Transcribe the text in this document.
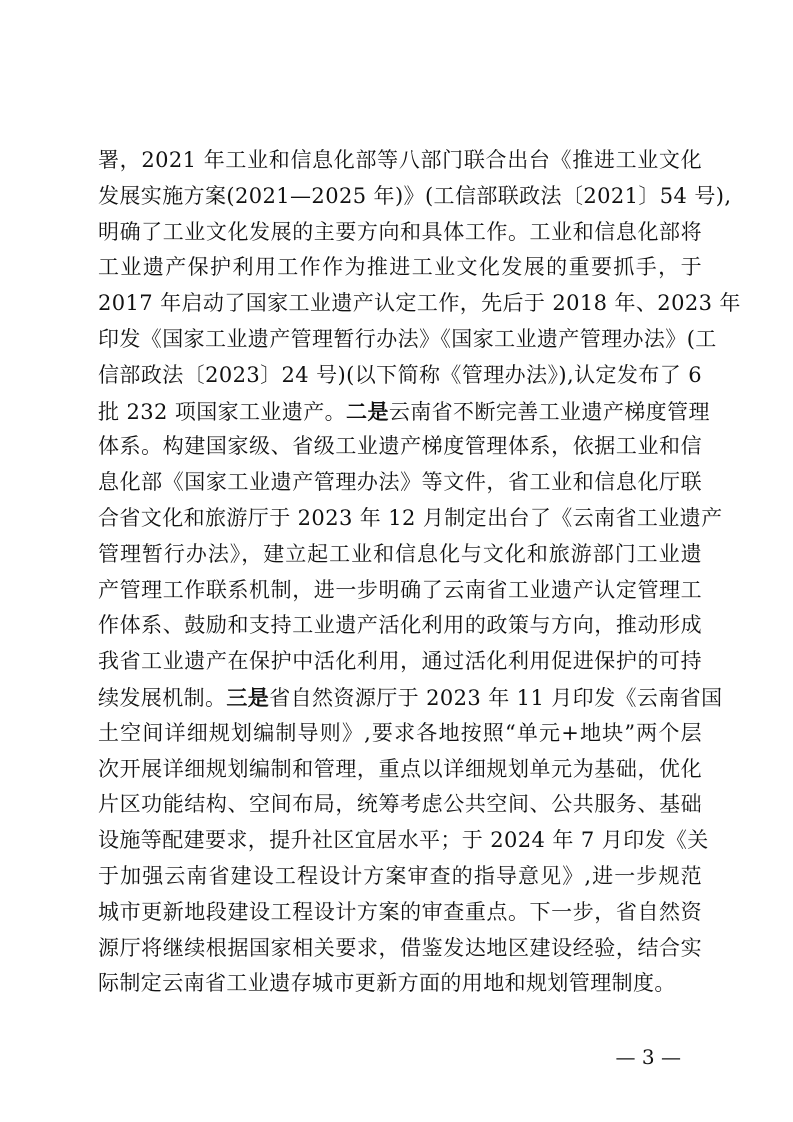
署，2021 年工业和信息化部等八部门联合出台《推进工业文化
发展实施方案(2021—2025 年)》(工信部联政法〔2021〕54 号),
明确了工业文化发展的主要方向和具体工作。工业和信息化部将
工业遗产保护利用工作作为推进工业文化发展的重要抓手，于
2017 年启动了国家工业遗产认定工作，先后于 2018 年、2023 年
印发《国家工业遗产管理暂行办法》《国家工业遗产管理办法》(工
信部政法〔2023〕24 号)(以下简称《管理办法》),认定发布了 6
批 232 项国家工业遗产。二是云南省不断完善工业遗产梯度管理
体系。构建国家级、省级工业遗产梯度管理体系，依据工业和信
息化部《国家工业遗产管理办法》等文件，省工业和信息化厅联
合省文化和旅游厅于 2023 年 12 月制定出台了《云南省工业遗产
管理暂行办法》，建立起工业和信息化与文化和旅游部门工业遗
产管理工作联系机制，进一步明确了云南省工业遗产认定管理工
作体系、鼓励和支持工业遗产活化利用的政策与方向，推动形成
我省工业遗产在保护中活化利用，通过活化利用促进保护的可持
续发展机制。三是省自然资源厅于 2023 年 11 月印发《云南省国
土空间详细规划编制导则》,要求各地按照“单元+地块”两个层
次开展详细规划编制和管理，重点以详细规划单元为基础，优化
片区功能结构、空间布局，统筹考虑公共空间、公共服务、基础
设施等配建要求，提升社区宜居水平；于 2024 年 7 月印发《关
于加强云南省建设工程设计方案审查的指导意见》,进一步规范
城市更新地段建设工程设计方案的审查重点。下一步，省自然资
源厅将继续根据国家相关要求，借鉴发达地区建设经验，结合实
际制定云南省工业遗存城市更新方面的用地和规划管理制度。
— 3 —
